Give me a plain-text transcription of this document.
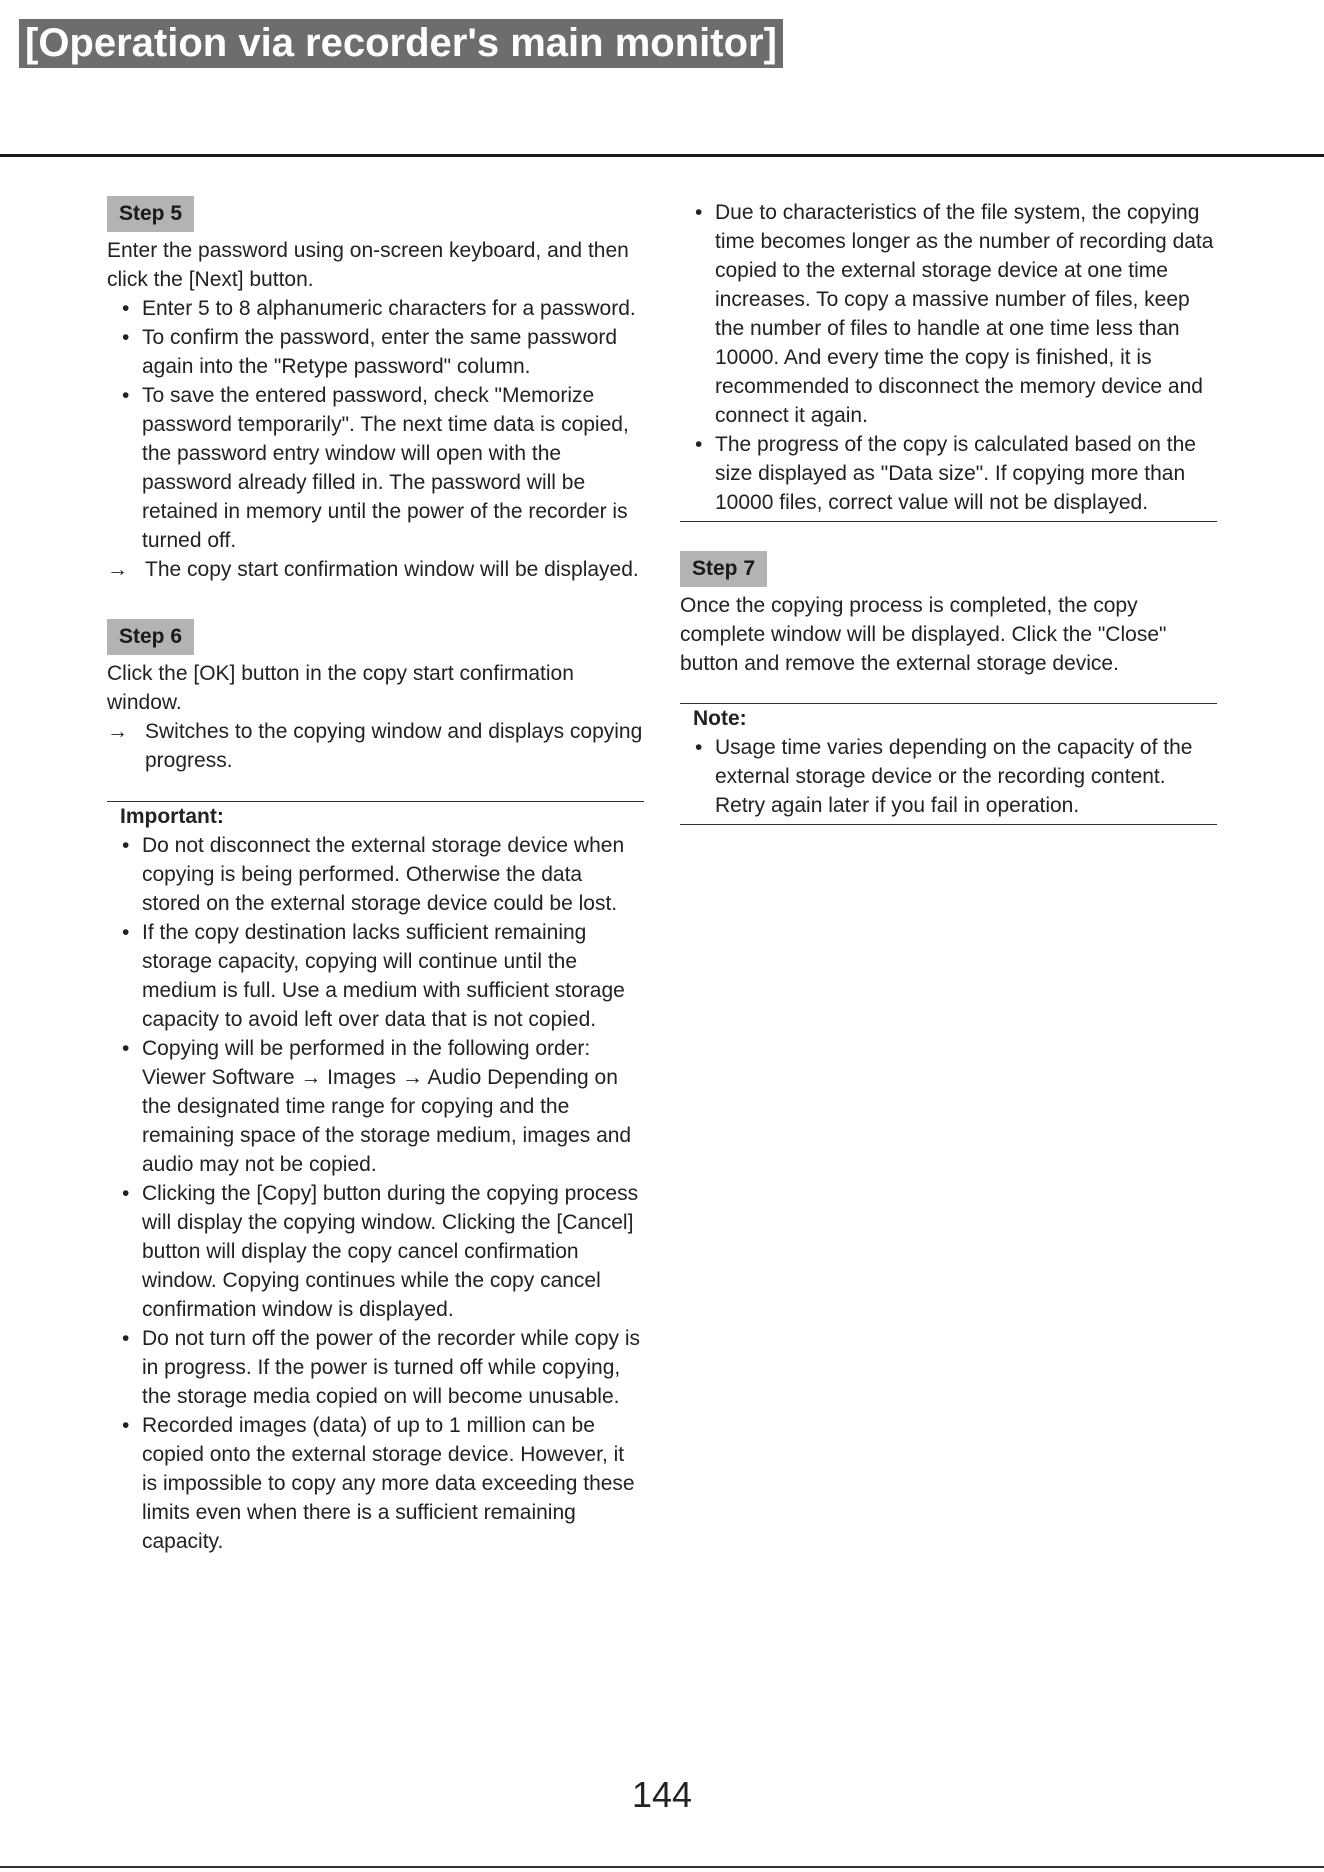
[Operation via recorder's main monitor]
Step 5

Enter the password using on-screen keyboard, and then click the [Next] button.

• Enter 5 to 8 alphanumeric characters for a password.
• To confirm the password, enter the same password again into the "Retype password" column.
• To save the entered password, check "Memorize password temporarily". The next time data is copied, the password entry window will open with the password already filled in. The password will be retained in memory until the power of the recorder is turned off.
→ The copy start confirmation window will be displayed.
Step 6

Click the [OK] button in the copy start confirmation window.

→ Switches to the copying window and displays copying progress.
Important:
• Do not disconnect the external storage device when copying is being performed. Otherwise the data stored on the external storage device could be lost.
• If the copy destination lacks sufficient remaining storage capacity, copying will continue until the medium is full. Use a medium with sufficient storage capacity to avoid left over data that is not copied.
• Copying will be performed in the following order: Viewer Software → Images → Audio Depending on the designated time range for copying and the remaining space of the storage medium, images and audio may not be copied.
• Clicking the [Copy] button during the copying process will display the copying window. Clicking the [Cancel] button will display the copy cancel confirmation window. Copying continues while the copy cancel confirmation window is displayed.
• Do not turn off the power of the recorder while copy is in progress. If the power is turned off while copying, the storage media copied on will become unusable.
• Recorded images (data) of up to 1 million can be copied onto the external storage device. However, it is impossible to copy any more data exceeding these limits even when there is a sufficient remaining capacity.
• Due to characteristics of the file system, the copying time becomes longer as the number of recording data copied to the external storage device at one time increases. To copy a massive number of files, keep the number of files to handle at one time less than 10000. And every time the copy is finished, it is recommended to disconnect the memory device and connect it again.
• The progress of the copy is calculated based on the size displayed as "Data size". If copying more than 10000 files, correct value will not be displayed.
Step 7

Once the copying process is completed, the copy complete window will be displayed. Click the "Close" button and remove the external storage device.

Note:
• Usage time varies depending on the capacity of the external storage device or the recording content. Retry again later if you fail in operation.
144
